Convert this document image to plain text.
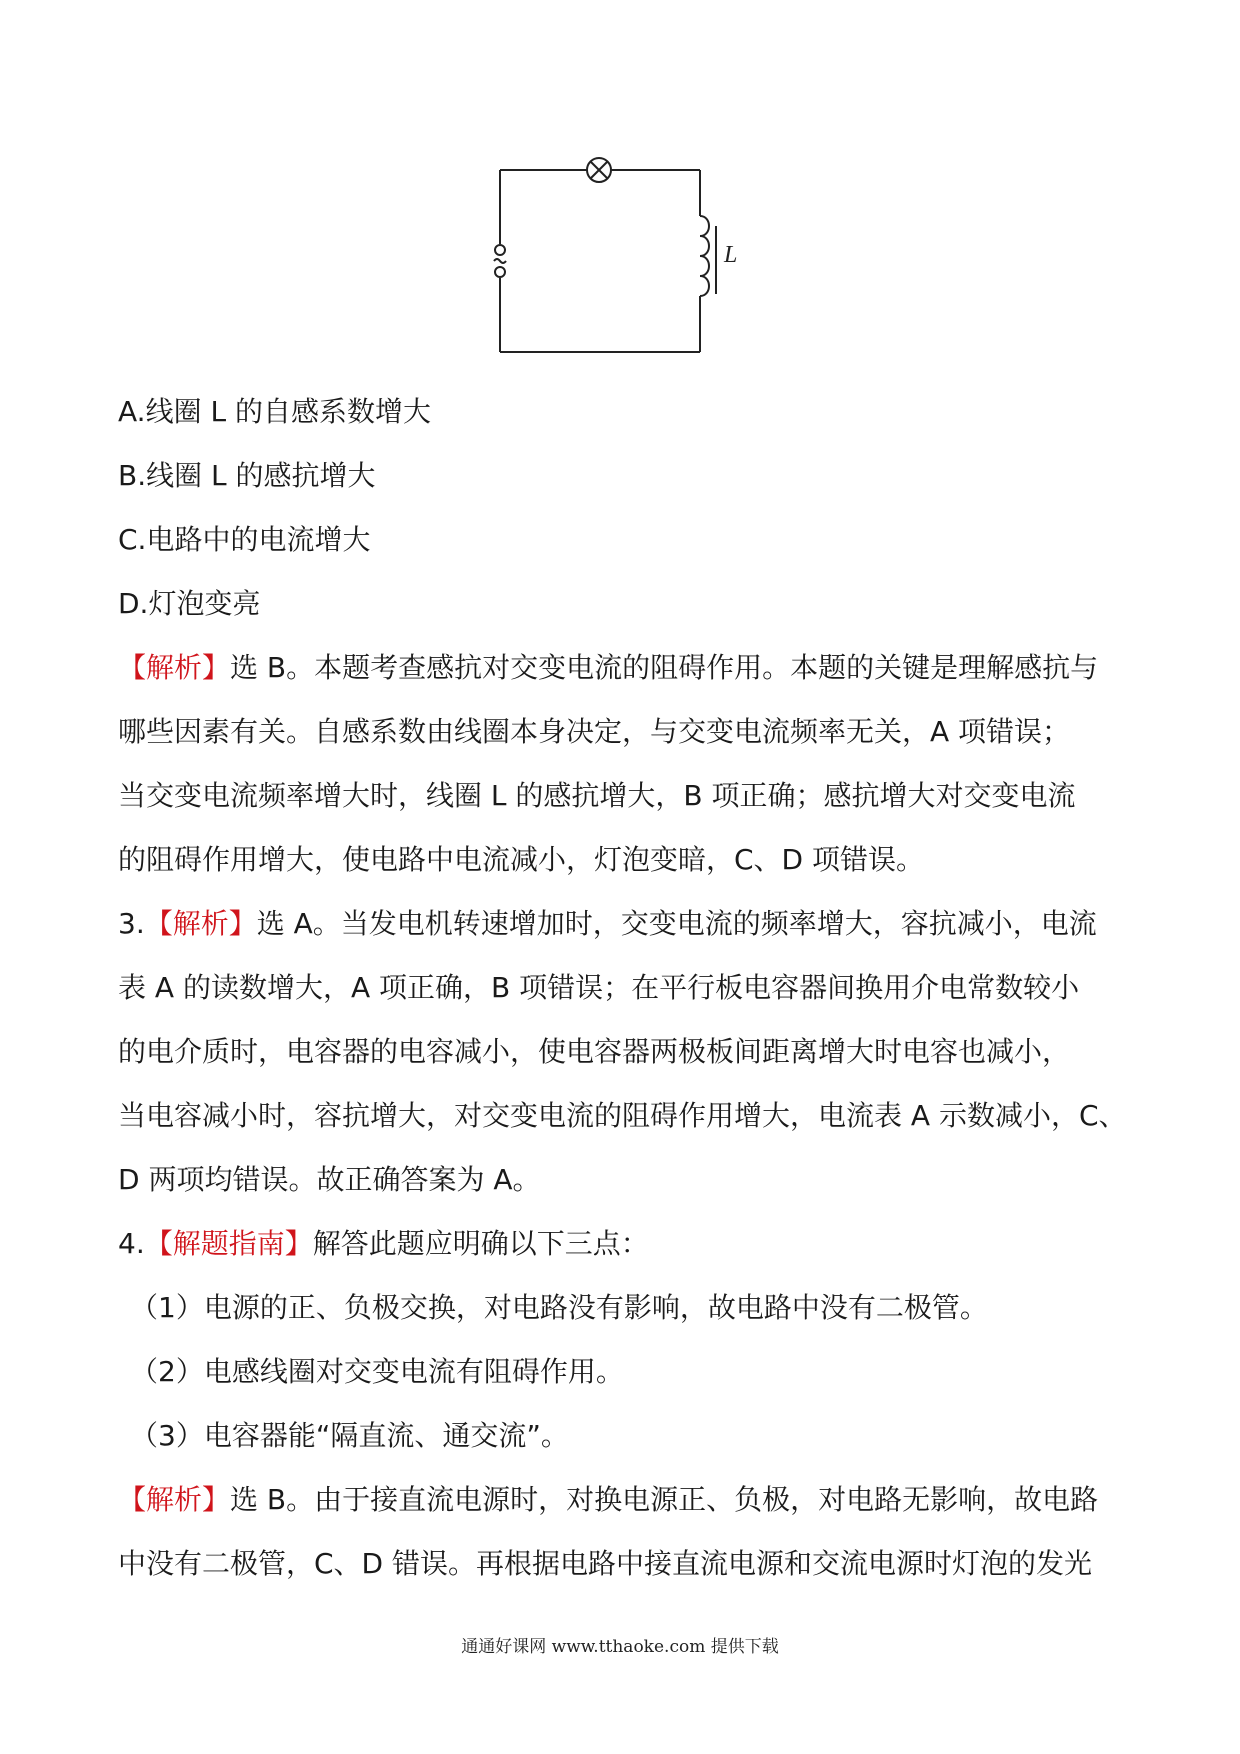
L
A.线圈 L 的自感系数增大
B.线圈 L 的感抗增大
C.电路中的电流增大
D.灯泡变亮
【解析】选 B。本题考查感抗对交变电流的阻碍作用。本题的关键是理解感抗与
哪些因素有关。自感系数由线圈本身决定，与交变电流频率无关，A 项错误；
当交变电流频率增大时，线圈 L 的感抗增大，B 项正确；感抗增大对交变电流
的阻碍作用增大，使电路中电流减小，灯泡变暗，C、D 项错误。
3.【解析】选 A。当发电机转速增加时，交变电流的频率增大，容抗减小，电流
表 A 的读数增大，A 项正确，B 项错误；在平行板电容器间换用介电常数较小
的电介质时，电容器的电容减小，使电容器两极板间距离增大时电容也减小，
当电容减小时，容抗增大，对交变电流的阻碍作用增大，电流表 A 示数减小，C、
D 两项均错误。故正确答案为 A。
4.【解题指南】解答此题应明确以下三点：
（1）电源的正、负极交换，对电路没有影响，故电路中没有二极管。
（2）电感线圈对交变电流有阻碍作用。
（3）电容器能“隔直流、通交流”。
【解析】选 B。由于接直流电源时，对换电源正、负极，对电路无影响，故电路
中没有二极管，C、D 错误。再根据电路中接直流电源和交流电源时灯泡的发光
通通好课网 www.tthaoke.com 提供下载
